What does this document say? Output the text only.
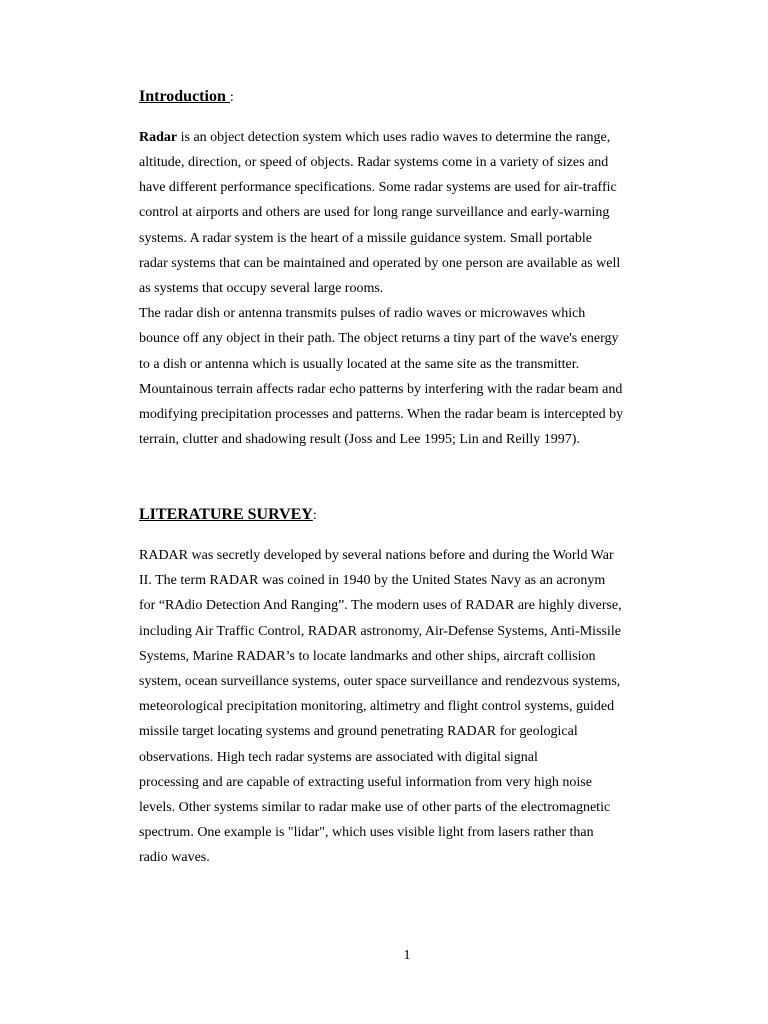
Introduction :

Radar is an object detection system which uses radio waves to determine the range,

altitude, direction, or speed of objects. Radar systems come in a variety of sizes and

have different performance specifications. Some radar systems are used for air-traffic

control at airports and others are used for long range surveillance and early-warning

systems. A radar system is the heart of a missile guidance system. Small portable

radar systems that can be maintained and operated by one person are available as well

as systems that occupy several large rooms.

The radar dish or antenna transmits pulses of radio waves or microwaves which

bounce off any object in their path. The object returns a tiny part of the wave's energy

to a dish or antenna which is usually located at the same site as the transmitter.

Mountainous terrain affects radar echo patterns by interfering with the radar beam and

modifying precipitation processes and patterns. When the radar beam is intercepted by

terrain, clutter and shadowing result (Joss and Lee 1995; Lin and Reilly 1997).

LITERATURE SURVEY:

RADAR was secretly developed by several nations before and during the World War

II. The term RADAR was coined in 1940 by the United States Navy as an acronym

for “RAdio Detection And Ranging”. The modern uses of RADAR are highly diverse,

including Air Traffic Control, RADAR astronomy, Air-Defense Systems, Anti-Missile

Systems, Marine RADAR’s to locate landmarks and other ships, aircraft collision

system, ocean surveillance systems, outer space surveillance and rendezvous systems,

meteorological precipitation monitoring, altimetry and flight control systems, guided

missile target locating systems and ground penetrating RADAR for geological

observations. High tech radar systems are associated with digital signal

processing and are capable of extracting useful information from very high noise

levels. Other systems similar to radar make use of other parts of the electromagnetic

spectrum. One example is "lidar", which uses visible light from lasers rather than

radio waves.

1
